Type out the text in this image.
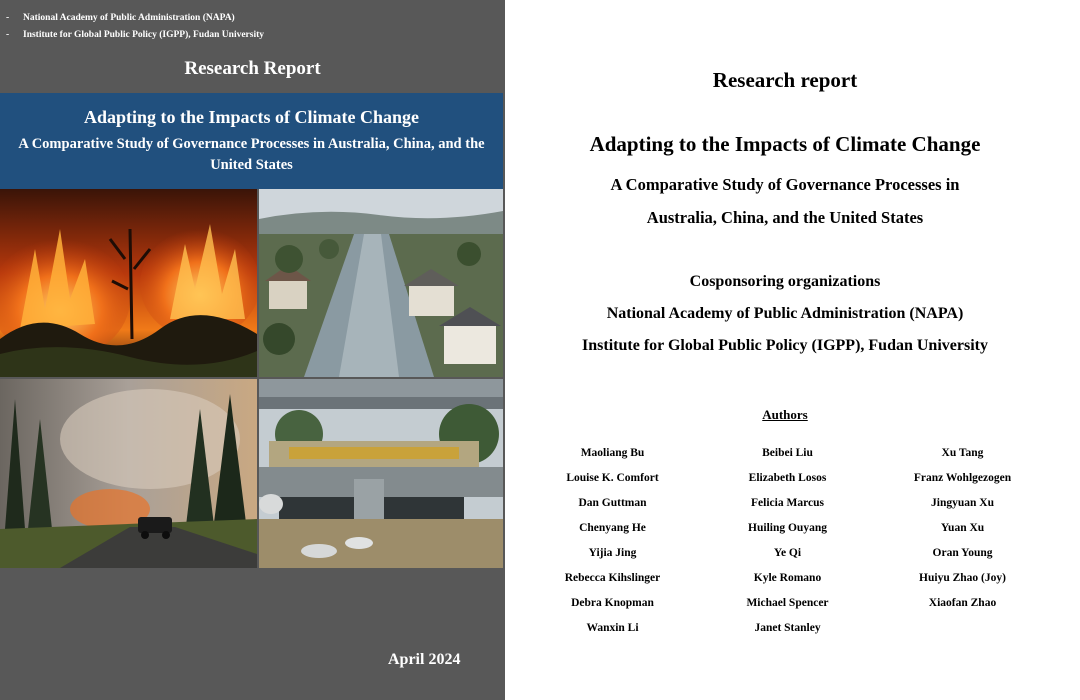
-	National Academy of Public Administration (NAPA)
-	Institute for Global Public Policy (IGPP), Fudan University
Research Report
Adapting to the Impacts of Climate Change
A Comparative Study of Governance Processes in Australia, China, and the United States
April 2024
Research report
Adapting to the Impacts of Climate Change
A Comparative Study of Governance Processes in
Australia, China, and the United States
Cosponsoring organizations
National Academy of Public Administration (NAPA)
Institute for Global Public Policy (IGPP), Fudan University
Authors
Maoliang Bu
Louise K. Comfort
Dan Guttman
Chenyang He
Yijia Jing
Rebecca Kihslinger
Debra Knopman
Wanxin Li
Beibei Liu
Elizabeth Losos
Felicia Marcus
Huiling Ouyang
Ye Qi
Kyle Romano
Michael Spencer
Janet Stanley
Xu Tang
Franz Wohlgezogen
Jingyuan Xu
Yuan Xu
Oran Young
Huiyu Zhao (Joy)
Xiaofan Zhao
